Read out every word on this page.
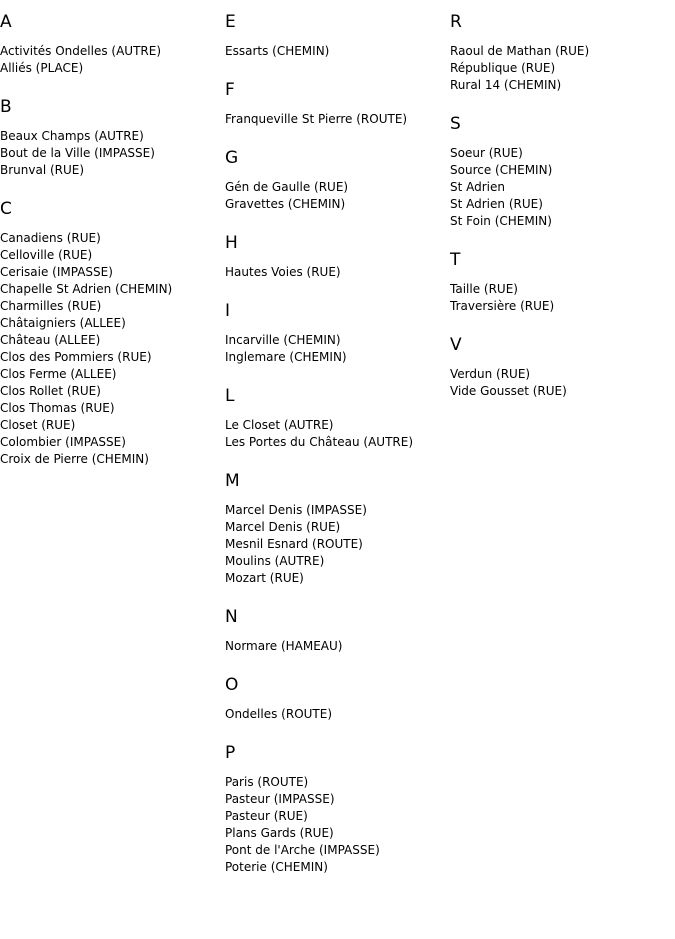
A
Activités Ondelles (AUTRE)
Alliés (PLACE)
B
Beaux Champs (AUTRE)
Bout de la Ville (IMPASSE)
Brunval (RUE)
C
Canadiens (RUE)
Celloville (RUE)
Cerisaie (IMPASSE)
Chapelle St Adrien (CHEMIN)
Charmilles (RUE)
Châtaigniers (ALLEE)
Château (ALLEE)
Clos des Pommiers (RUE)
Clos Ferme (ALLEE)
Clos Rollet (RUE)
Clos Thomas (RUE)
Closet (RUE)
Colombier (IMPASSE)
Croix de Pierre (CHEMIN)
E
Essarts (CHEMIN)
F
Franqueville St Pierre (ROUTE)
G
Gén de Gaulle (RUE)
Gravettes (CHEMIN)
H
Hautes Voies (RUE)
I
Incarville (CHEMIN)
Inglemare (CHEMIN)
L
Le Closet (AUTRE)
Les Portes du Château (AUTRE)
M
Marcel Denis (IMPASSE)
Marcel Denis (RUE)
Mesnil Esnard (ROUTE)
Moulins (AUTRE)
Mozart (RUE)
N
Normare (HAMEAU)
O
Ondelles (ROUTE)
P
Paris (ROUTE)
Pasteur (IMPASSE)
Pasteur (RUE)
Plans Gards (RUE)
Pont de l'Arche (IMPASSE)
Poterie (CHEMIN)
R
Raoul de Mathan (RUE)
République (RUE)
Rural 14 (CHEMIN)
S
Soeur (RUE)
Source (CHEMIN)
St Adrien
St Adrien (RUE)
St Foin (CHEMIN)
T
Taille (RUE)
Traversière (RUE)
V
Verdun (RUE)
Vide Gousset (RUE)
